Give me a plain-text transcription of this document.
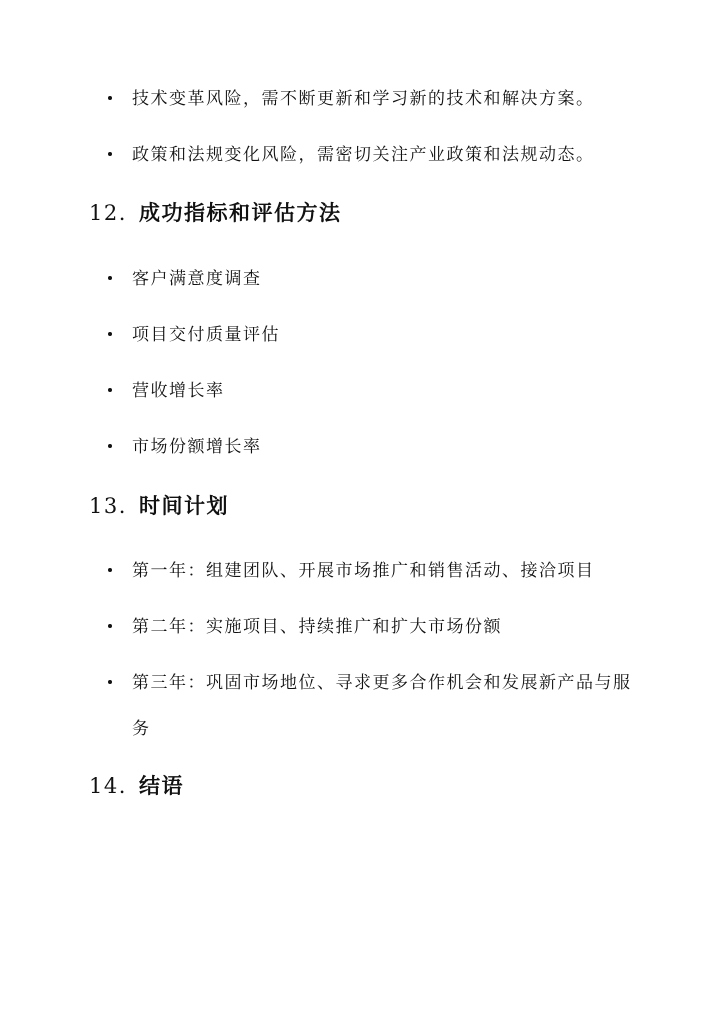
技术变革风险，需不断更新和学习新的技术和解决方案。
政策和法规变化风险，需密切关注产业政策和法规动态。
12. 成功指标和评估方法
客户满意度调查
项目交付质量评估
营收增长率
市场份额增长率
13. 时间计划
第一年：组建团队、开展市场推广和销售活动、接洽项目
第二年：实施项目、持续推广和扩大市场份额
第三年：巩固市场地位、寻求更多合作机会和发展新产品与服务
14. 结语
